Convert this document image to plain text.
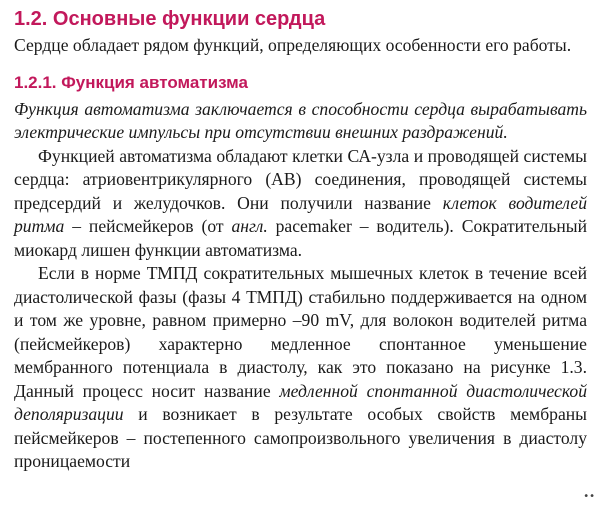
1.2. Основные функции сердца

Сердце обладает рядом функций, определяющих особенности его работы.

1.2.1. Функция автоматизма

Функция автоматизма заключается в способности сердца вырабатывать электрические импульсы при отсутствии внешних раздражений.

Функцией автоматизма обладают клетки СА-узла и проводящей системы сердца: атриовентрикулярного (АВ) соединения, проводящей системы предсердий и желудочков. Они получили название клеток водителей ритма – пейсмейкеров (от англ. pacemaker – водитель). Сократительный миокард лишен функции автоматизма.

Если в норме ТМПД сократительных мышечных клеток в течение всей диастолической фазы (фазы 4 ТМПД) стабильно поддерживается на одном и том же уровне, равном примерно –90 mV, для волокон водителей ритма (пейсмейкеров) характерно медленное спонтанное уменьшение мембранного потенциала в диастолу, как это показано на рисунке 1.3. Данный процесс носит название медленной спонтанной диастолической деполяризации и возникает в результате особых свойств мембраны пейсмейкеров – постепенного самопроизвольного увеличения в диастолу проницаемости

••
